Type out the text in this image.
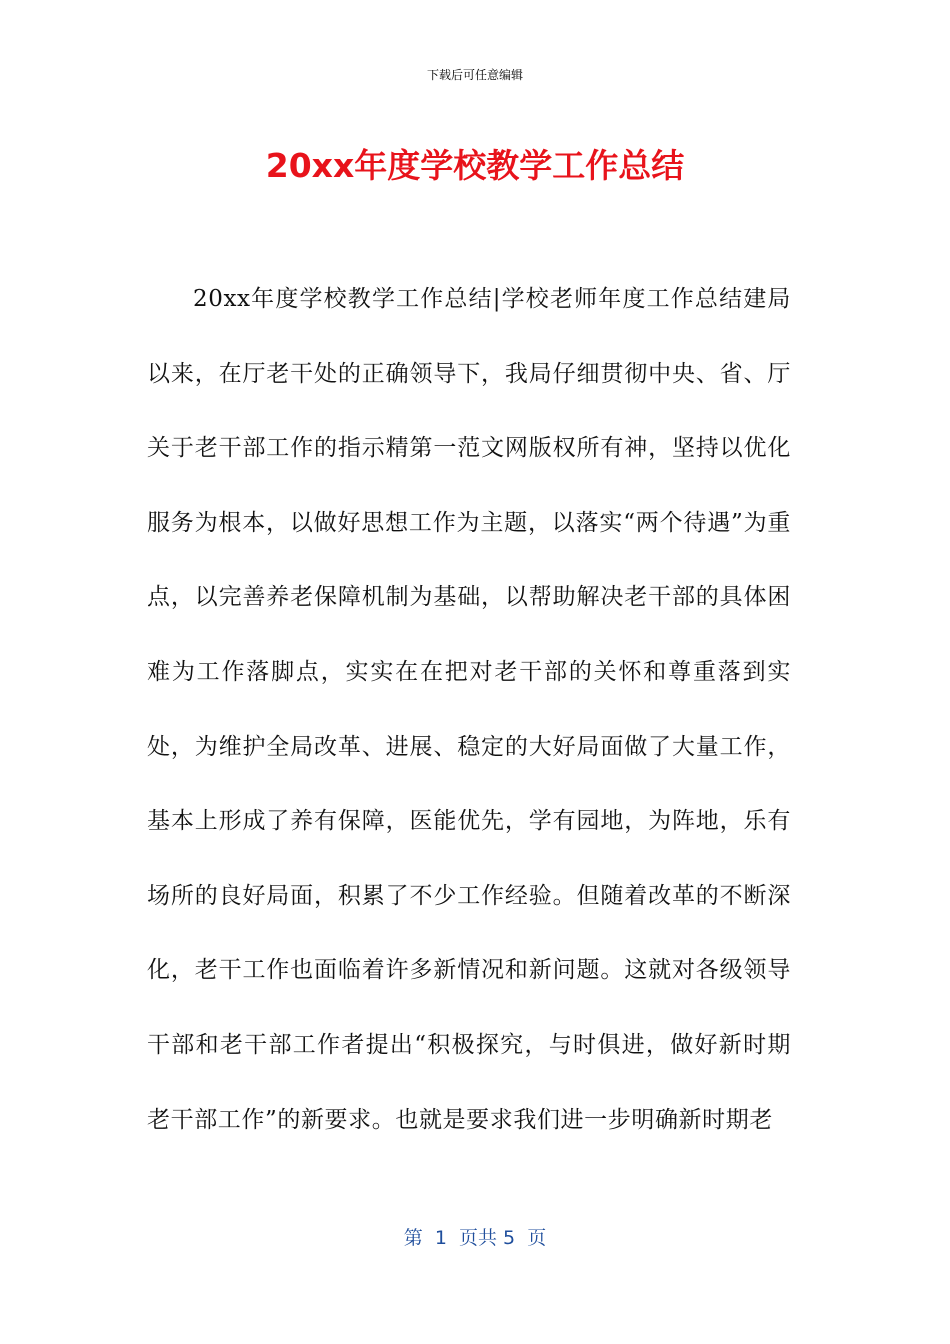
下载后可任意编辑
20xx年度学校教学工作总结

20xx年度学校教学工作总结|学校老师年度工作总结建局以来，在厅老干处的正确领导下，我局仔细贯彻中央、省、厅关于老干部工作的指示精第一范文网版权所有神，坚持以优化服务为根本，以做好思想工作为主题，以落实“两个待遇”为重点，以完善养老保障机制为基础，以帮助解决老干部的具体困难为工作落脚点，实实在在把对老干部的关怀和尊重落到实处，为维护全局改革、进展、稳定的大好局面做了大量工作，基本上形成了养有保障，医能优先，学有园地，为阵地，乐有场所的良好局面，积累了不少工作经验。但随着改革的不断深化，老干工作也面临着许多新情况和新问题。这就对各级领导干部和老干部工作者提出“积极探究，与时俱进，做好新时期老干部工作”的新要求。也就是要求我们进一步明确新时期老

第  1  页共 5  页
